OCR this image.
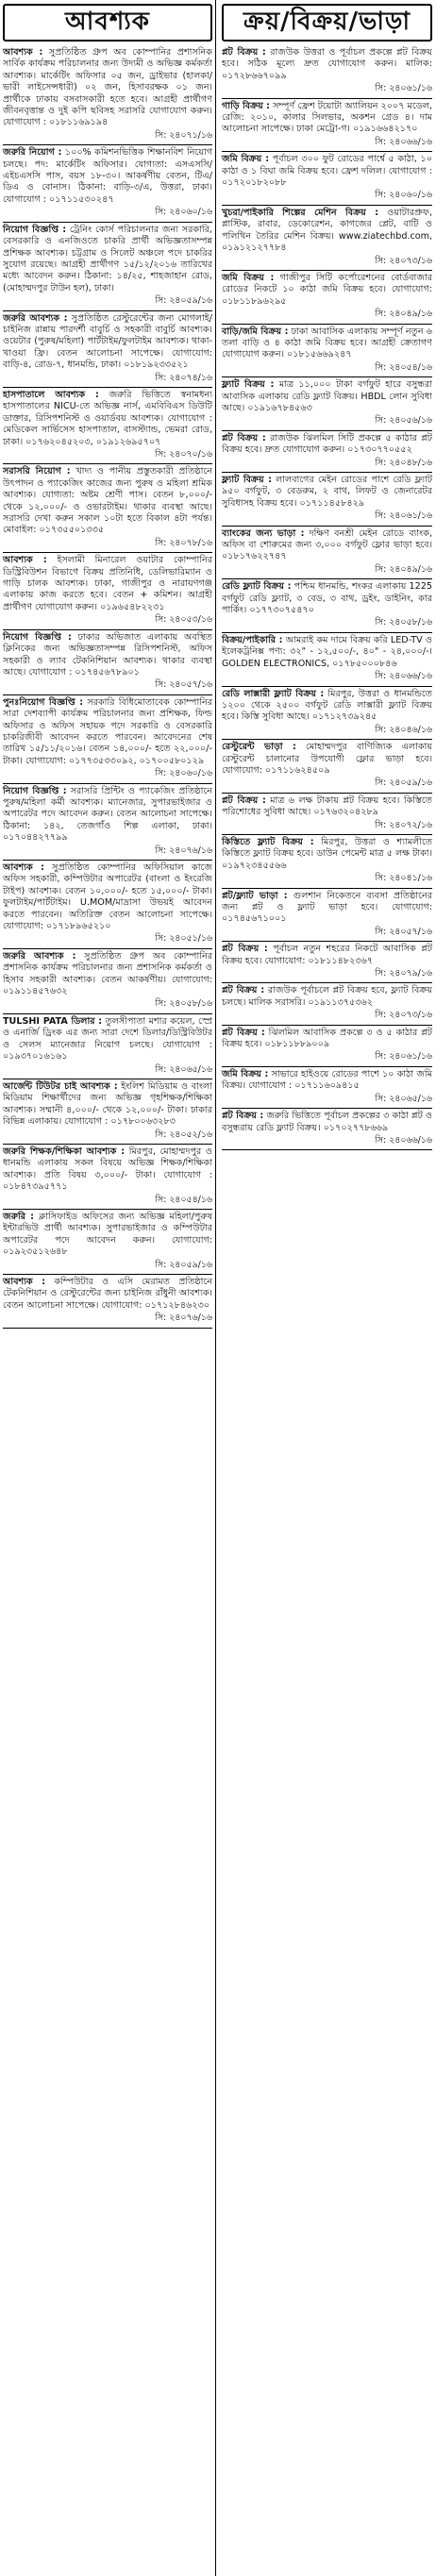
আবশ্যক
আবশ্যক : সুপ্রতিষ্ঠিত গ্রুপ অব কোম্পানির প্রশাসনিক সার্বিক কার্যক্রম পরিচালনার জন্য উদ্যমী ও অভিজ্ঞ কর্মকর্তা আবশ্যক। মার্কেটিং অফিসার ০৫ জন, ড্রাইভার (হালকা/ভারী লাইসেন্সধারী) ০২ জন, হিসাবরক্ষক ০১ জন। প্রার্থীকে ঢাকায় বসবাসকারী হতে হবে। আগ্রহী প্রার্থীগণ জীবনবৃত্তান্ত ও দুই কপি ছবিসহ সরাসরি যোগাযোগ করুন। যোগাযোগ : ০১৮১১৬৯১৯৪
সি: ২৪০৭১/১৬
জরুরি নিয়োগ : ১০০% কমিশনভিত্তিক শিক্ষানবিশ নিয়োগ চলছে। পদ: মার্কেটিং অফিসার। যোগ্যতা: এসএসসি/এইচএসসি পাস, বয়স ১৮-৩০। আকর্ষণীয় বেতন, টিএ/ডিএ ও বোনাস। ঠিকানা: বাড়ি-৩/এ, উত্তরা, ঢাকা। যোগাযোগ : ০১৭১১৫৩০২৪৭
সি: ২৪০৬০/১৬
নিয়োগ বিজ্ঞপ্তি : ট্রেনিং কোর্স পরিচালনার জন্য সরকারি, বেসরকারি ও এনজিওতে চাকরি প্রার্থী অভিজ্ঞতাসম্পন্ন প্রশিক্ষক আবশ্যক। চট্টগ্রাম ও সিলেট অঞ্চলে পদে চাকরির সুযোগ রয়েছে। আগ্রহী প্রার্থীগণ ১৫/১২/২০১৬ তারিখের মধ্যে আবেদন করুন। ঠিকানা: ১৪/২৫, শাহজাহান রোড, (মোহাম্মদপুর টাউন হল), ঢাকা।
সি: ২৪০৫৯/১৬
জরুরি আবশ্যক : সুপ্রতিষ্ঠিত রেস্টুরেন্টের জন্য মোগলাই/চাইনিজ রান্নায় পারদর্শী বাবুর্চি ও সহকারী বাবুর্চি আবশ্যক। ওয়েটার (পুরুষ/মহিলা) পার্টটাইম/ফুলটাইম আবশ্যক। থাকা-খাওয়া ফ্রি। বেতন আলোচনা সাপেক্ষে। যোগাযোগ: বাড়ি-৪, রোড-৭, ধানমন্ডি, ঢাকা। ০১৮১৯২৩৩৫২১
সি: ২৪০৭৪/১৬
হাসপাতালে আবশ্যক : জরুরি ভিত্তিতে স্বনামধন্য হাসপাতালের NICU-তে অভিজ্ঞ নার্স, এমবিবিএস ডিউটি ডাক্তার, রিসিপশনিস্ট ও ওয়ার্ডবয় আবশ্যক। যোগাযোগ : মেডিকেল সার্ভিসেস হাসপাতাল, বাসস্ট্যান্ড, ভেমরা রোড, ঢাকা। ০১৭৬২০৪৫২০৩, ০১৯১২৬৯৫৭০৭
সি: ২৪০৭০/১৬
সরাসরি নিয়োগ : খাদ্য ও পানীয় প্রস্তুতকারী প্রতিষ্ঠানে উৎপাদন ও প্যাকেজিং কাজের জন্য পুরুষ ও মহিলা শ্রমিক আবশ্যক। যোগ্যতা: অষ্টম শ্রেণী পাস। বেতন ৮,০০০/- থেকে ১২,০০০/- ও ওভারটাইম। থাকার ব্যবস্থা আছে। সরাসরি দেখা করুন সকাল ১০টা হতে বিকাল ৪টা পর্যন্ত। মোবাইল: ০১৭৩৫৫০১৩৩৫
সি: ২৪০৭৮/১৬
আবশ্যক : ইসলামী মিনারেল ওয়াটার কোম্পানির ডিস্ট্রিবিউশন বিভাগে বিক্রয় প্রতিনিধি, ডেলিভারিম্যান ও গাড়ি চালক আবশ্যক। ঢাকা, গাজীপুর ও নারায়ণগঞ্জ এলাকায় কাজ করতে হবে। বেতন + কমিশন। আগ্রহী প্রার্থীগণ যোগাযোগ করুন। ০১৯৬৫৪৮২২৩১
সি: ২৪০৫৩/১৬
নিয়োগ বিজ্ঞপ্তি : ঢাকার অভিজাত এলাকায় অবস্থিত ক্লিনিকের জন্য অভিজ্ঞতাসম্পন্ন রিসিপশনিস্ট, অফিস সহকারী ও ল্যাব টেকনিশিয়ান আবশ্যক। থাকার ব্যবস্থা আছে। যোগাযোগ : ০১৭৪৫৬৭৮৯০১
সি: ২৪০৫৭/১৬
পুনঃনিয়োগ বিজ্ঞপ্তি : সরকারি বিধিমোতাবেক কোম্পানির সারা দেশব্যাপী কার্যক্রম পরিচালনার জন্য প্রশিক্ষক, ফিল্ড অফিসার ও অফিস সহায়ক পদে সরকারি ও বেসরকারি চাকরিজীবী আবেদন করতে পারবেন। আবেদনের শেষ তারিখ ১৫/১১/২০১৬। বেতন ১৪,০০০/- হতে ২২,০০০/- টাকা। যোগাযোগ: ০১৭৭৩৫৩৩০৯২, ০১৭০০৫৮০১২৯
সি: ২৪০৬০/১৬
নিয়োগ বিজ্ঞপ্তি : সরাসরি প্রিন্টিং ও প্যাকেজিং প্রতিষ্ঠানে পুরুষ/মহিলা কর্মী আবশ্যক। ম্যানেজার, সুপারভাইজার ও অপারেটর পদে আবেদন করুন। বেতন আলোচনা সাপেক্ষে। ঠিকানা: ১৪২, তেজগাঁও শিল্প এলাকা, ঢাকা। ০১৭০৪৪২৭৭৯৯
সি: ২৪০৭৬/১৬
আবশ্যক : সুপ্রতিষ্ঠিত কোম্পানির অফিসিয়াল কাজে অফিস সহকারী, কম্পিউটার অপারেটর (বাংলা ও ইংরেজি টাইপ) আবশ্যক। বেতন ১০,০০০/- হতে ১৫,০০০/- টাকা। ফুলটাইম/পার্টটাইম। U.MOM/মাদ্রাসা উভয়ই আবেদন করতে পারবেন। অতিরিক্ত বেতন আলোচনা সাপেক্ষে। যোগাযোগ: ০১৭১৮৯৬৫২১০
সি: ২৪০৫১/১৬
জরুরি আবশ্যক : সুপ্রতিষ্ঠিত গ্রুপ অব কোম্পানির প্রশাসনিক কার্যক্রম পরিচালনার জন্য প্রশাসনিক কর্মকর্তা ও হিসাব সহকারী আবশ্যক। বেতন আকর্ষণীয়। যোগাযোগ: ০১৯১১৪৫৭৬৩২
সি: ২৪০৫৮/১৬
TULSHI PATA ডিলার : তুলসীপাতা মশার কয়েল, স্প্রে ও এনার্জি ড্রিংক এর জন্য সারা দেশে ডিলার/ডিস্ট্রিবিউটর ও সেলস ম্যানেজার নিয়োগ চলছে। যোগাযোগ : ০১৯৩৭০১৬১৬১
সি: ২৪০৬৫/১৬
আর্জেন্ট টিউটর চাই আবশ্যক : ইংলিশ মিডিয়াম ও বাংলা মিডিয়াম শিক্ষার্থীদের জন্য অভিজ্ঞ গৃহশিক্ষক/শিক্ষিকা আবশ্যক। সম্মানী ৪,০০০/- থেকে ১২,০০০/- টাকা। ঢাকার বিভিন্ন এলাকায়। যোগাযোগ : ০১৭৮০০৬৩২৮৩
সি: ২৪০৫২/১৬
জরুরি শিক্ষক/শিক্ষিকা আবশ্যক : মিরপুর, মোহাম্মদপুর ও ধানমন্ডি এলাকায় সকল বিষয়ে অভিজ্ঞ শিক্ষক/শিক্ষিকা আবশ্যক। প্রতি বিষয় ৩,০০০/- টাকা। যোগাযোগ : ০১৮৪৭৩৯৫৭৭১
সি: ২৪০৫৪/১৬
জরুরি : ক্লাসিফাইড অফিসের জন্য অভিজ্ঞ মহিলা/পুরুষ ইন্টারভিউ প্রার্থী আবশ্যক। সুপারভাইজার ও কম্পিউটার অপারেটর পদে আবেদন করুন। যোগাযোগ: ০১৯২৩৫১২৬৪৮
সি: ২৪০৫৯/১৬
আবশ্যক : কম্পিউটার ও এসি মেরামত প্রতিষ্ঠানে টেকনিশিয়ান ও রেস্টুরেন্টের জন্য চাইনিজ রাঁধুনী আবশ্যক। বেতন আলোচনা সাপেক্ষে। যোগাযোগ: ০১৭১২৮৪৬২৩০
সি: ২৪০৭৬/১৬
ক্রয়/বিক্রয়/ভাড়া
প্লট বিক্রয় : রাজউক উত্তরা ও পূর্বাচল প্রকল্পে প্লট বিক্রয় হবে। সঠিক মূল্যে দ্রুত যোগাযোগ করুন। মালিক: ০১৭২৮৬৬৭০৯৯
সি: ২৪০৬১/১৬
গাড়ি বিক্রয় : সম্পূর্ণ ফ্রেশ টয়োটা অ্যালিয়ন ২০০৭ মডেল, রেজি: ২০১০, কালার সিলভার, অকশন গ্রেড ৪। দাম আলোচনা সাপেক্ষে। ঢাকা মেট্রো-গ। ০১৯১৬৬৪২১৭০
সি: ২৪০৬৬/১৬
জমি বিক্রয় : পূর্বাচল ৩০০ ফুট রোডের পার্শ্বে ৫ কাঠা, ১০ কাঠা ও ১ বিঘা জমি বিক্রয় হবে। ফ্রেশ দলিল। যোগাযোগ : ০১৭২০১৮২০৮৮
সি: ২৪০৬০/১৬
খুচরা/পাইকারি শিল্পের মেশিন বিক্রয় : ওয়াটারপ্রুফ, প্লাস্টিক, রাবার, ডেকোরেশন, কাগজের প্লেট, বাটি ও পলিথিন তৈরির মেশিন বিক্রয়। www.ziatechbd.com, ০১৯১২১২৭৭৮৪
সি: ২৪০৭৩/১৬
জমি বিক্রয় : গাজীপুর সিটি কর্পোরেশনের বোর্ডবাজার রোডের নিকটে ১০ কাঠা জমি বিক্রয় হবে। যোগাযোগ: ০১৮১১৮৯৬২৯৫
সি: ২৪০৪৯/১৬
বাড়ি/জমি বিক্রয় : ঢাকা আবাসিক এলাকায় সম্পূর্ণ নতুন ৬ তলা বাড়ি ও ৪ কাঠা জমি বিক্রয় হবে। আগ্রহী ক্রেতাগণ যোগাযোগ করুন। ০১৮১৫৬৬৯২৪৭
সি: ২৪০৫৪/১৬
ফ্ল্যাট বিক্রয় : মাত্র ১১,০০০ টাকা বর্গফুট হারে বসুন্ধরা আবাসিক এলাকায় রেডি ফ্ল্যাট বিক্রয়। HBDL লোন সুবিধা আছে। ০১৯১৬৭৮৪৫৬৩
সি: ২৪০৫৬/১৬
প্লট বিক্রয় : রাজউক ঝিলমিল সিটি প্রকল্পে ৫ কাঠার প্লট বিক্রয় হবে। দ্রুত যোগাযোগ করুন। ০১৭৩০৭৭০৫৫২
সি: ২৪০৪৮/১৬
ফ্ল্যাট বিক্রয় : লালবাগের মেইন রোডের পাশে রেডি ফ্ল্যাট ৯৫০ বর্গফুট, ৩ বেডরুম, ২ বাথ, লিফট ও জেনারেটর সুবিধাসহ বিক্রয় হবে। ০১৭১১৪৫৮৪২৯
সি: ২৪০৬১/১৬
ব্যাংকের জন্য ভাড়া : দক্ষিণ বনশ্রী মেইন রোডে ব্যাংক, অফিস বা শোরুমের জন্য ৩,০০০ বর্গফুট ফ্লোর ভাড়া হবে। ০১৮১৭৬২২৭৪৭
সি: ২৪০৪৯/১৬
রেডি ফ্ল্যাট বিক্রয় : পশ্চিম ধানমন্ডি, শংকর এলাকায় 1225 বর্গফুট রেডি ফ্ল্যাট, ৩ বেড, ৩ বাথ, ড্রইং, ডাইনিং, কার পার্কিং। ০১৭৭৩০৭৫৪৭০
সি: ২৪০৫৮/১৬
বিক্রয়/পাইকারি : আমরাই কম দামে বিক্রয় করি LED-TV ও ইলেকট্রনিক্স পণ্য: ৩২" - ১২,৫০০/-, ৪০" - ২৪,০০০/-। GOLDEN ELECTRONICS, ০১৭৮৫০০০৮৪৬
সি: ২৪০৬৬/১৬
রেডি লাক্সারী ফ্ল্যাট বিক্রয় : মিরপুর, উত্তরা ও ধানমন্ডিতে ১২০০ থেকে ২৫০০ বর্গফুট রেডি লাক্সারী ফ্ল্যাট বিক্রয় হবে। কিস্তি সুবিধা আছে। ০১৭১২৭৩৯২৪৫
সি: ২৪০৪৬/১৬
রেস্টুরেন্ট ভাড়া : মোহাম্মদপুর বাণিজ্যিক এলাকায় রেস্টুরেন্ট চালানোর উপযোগী ফ্লোর ভাড়া হবে। যোগাযোগ: ০১৭১১৬২৪৫০৯
সি: ২৪০৫৯/১৬
প্লট বিক্রয় : মাত্র ৬ লক্ষ টাকায় প্লট বিক্রয় হবে। কিস্তিতে পরিশোধের সুবিধা আছে। ০১৭৬৩২০৪২৮৯
সি: ২৪০৭২/১৬
কিস্তিতে ফ্ল্যাট বিক্রয় : মিরপুর, উত্তরা ও শ্যামলীতে কিস্তিতে ফ্ল্যাট বিক্রয় হবে। ডাউন পেমেন্ট মাত্র ৫ লক্ষ টাকা। ০১৯৭২৩৪৫৫৬৬
সি: ২৪০৪১/১৬
প্লট/ফ্ল্যাট ভাড়া : গুলশান নিকেতনে ব্যবসা প্রতিষ্ঠানের জন্য প্লট ও ফ্ল্যাট ভাড়া হবে। যোগাযোগ: ০১৭৪৫৬৭১০০১
সি: ২৪০৫৭/১৬
প্লট বিক্রয় : পূর্বাচল নতুন শহরের নিকটে আবাসিক প্লট বিক্রয় হবে। যোগাযোগ: ০১৮১১৪৮২৩৬৭
সি: ২৪০৭৯/১৬
প্লট বিক্রয় : রাজউক পূর্বাচলে প্লট বিক্রয় হবে, ফ্ল্যাট বিক্রয় চলছে। মালিক সরাসরি। ০১৯১১৩৭৫৩৬২
সি: ২৪০৭৩/১৬
প্লট বিক্রয় : ঝিলমিল আবাসিক প্রকল্পে ৩ ও ৫ কাঠার প্লট বিক্রয় হবে। ০১৮১১৮৮৯০০৯
সি: ২৪০৬১/১৬
জমি বিক্রয় : সাভারে হাইওয়ে রোডের পাশে ১০ কাঠা জমি বিক্রয়। যোগাযোগ : ০১৭১১৬০৯৪১৫
সি: ২৪০৬৫/১৬
প্লট বিক্রয় : জরুরি ভিত্তিতে পূর্বাচল প্রকল্পের ৩ কাঠা প্লট ও বসুন্ধরায় রেডি ফ্ল্যাট বিক্রয়। ০১৭০২৭৭৮৬৬৯
সি: ২৪০৬৬/১৬
